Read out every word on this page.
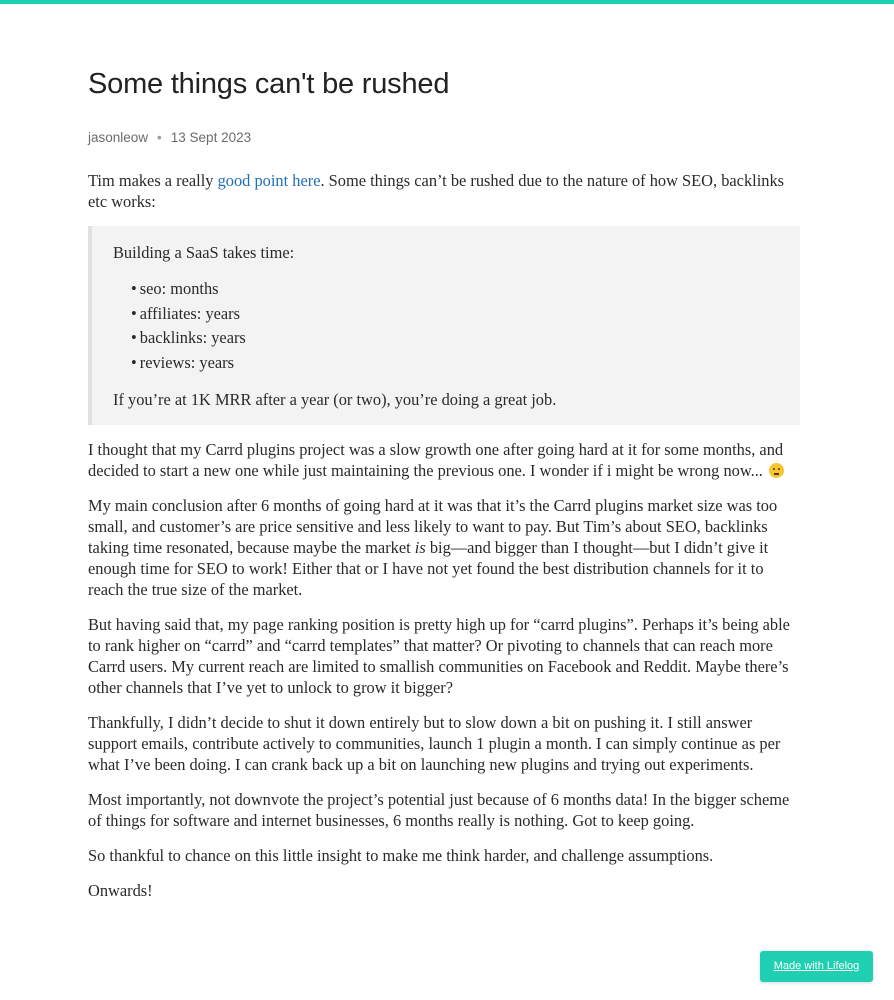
Some things can't be rushed
jasonleow • 13 Sept 2023

Tim makes a really good point here. Some things can’t be rushed due to the nature of how SEO, backlinks etc works:

Building a SaaS takes time:

• seo: months
• affiliates: years
• backlinks: years
• reviews: years

If you’re at 1K MRR after a year (or two), you’re doing a great job.

I thought that my Carrd plugins project was a slow growth one after going hard at it for some months, and decided to start a new one while just maintaining the previous one. I wonder if i might be wrong now...

My main conclusion after 6 months of going hard at it was that it’s the Carrd plugins market size was too small, and customer’s are price sensitive and less likely to want to pay. But Tim’s about SEO, backlinks taking time resonated, because maybe the market is big—and bigger than I thought—but I didn’t give it enough time for SEO to work! Either that or I have not yet found the best distribution channels for it to reach the true size of the market.

But having said that, my page ranking position is pretty high up for “carrd plugins”. Perhaps it’s being able to rank higher on “carrd” and “carrd templates” that matter? Or pivoting to channels that can reach more Carrd users. My current reach are limited to smallish communities on Facebook and Reddit. Maybe there’s other channels that I’ve yet to unlock to grow it bigger?

Thankfully, I didn’t decide to shut it down entirely but to slow down a bit on pushing it. I still answer support emails, contribute actively to communities, launch 1 plugin a month. I can simply continue as per what I’ve been doing. I can crank back up a bit on launching new plugins and trying out experiments.

Most importantly, not downvote the project’s potential just because of 6 months data! In the bigger scheme of things for software and internet businesses, 6 months really is nothing. Got to keep going.

So thankful to chance on this little insight to make me think harder, and challenge assumptions.

Onwards!

Made with Lifelog
